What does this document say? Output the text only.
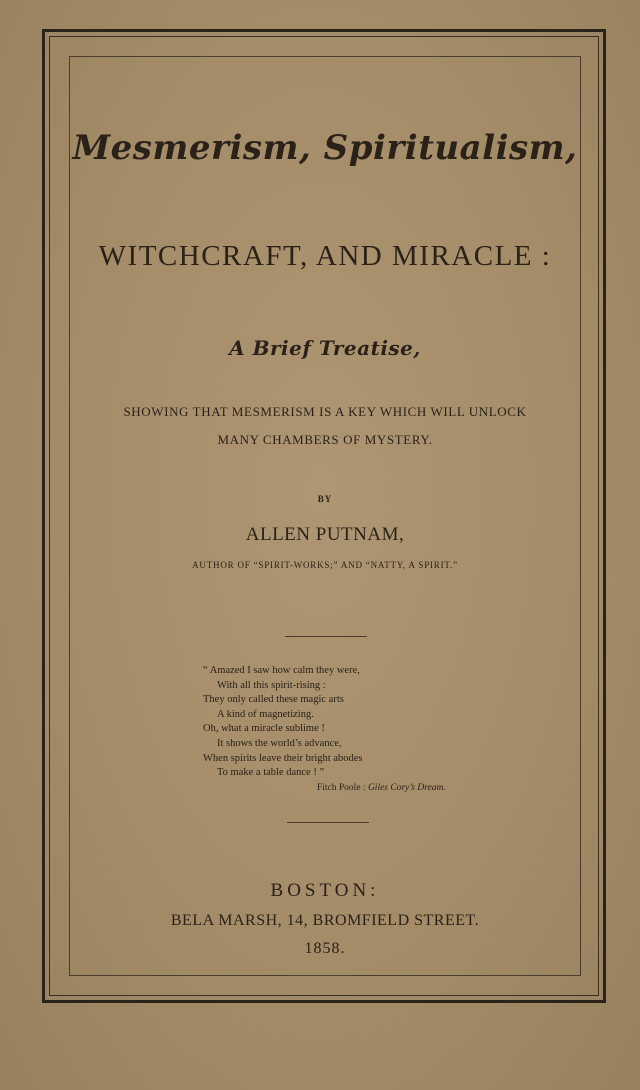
Mesmerism, Spiritualism,
WITCHCRAFT, AND MIRACLE :
A Brief Treatise,
SHOWING THAT MESMERISM IS A KEY WHICH WILL UNLOCK
MANY CHAMBERS OF MYSTERY.
BY
ALLEN PUTNAM,
AUTHOR OF “SPIRIT-WORKS;” AND “NATTY, A SPIRIT.”
“ Amazed I saw how calm they were,
With all this spirit-rising :
They only called these magic arts
A kind of magnetizing.
Oh, what a miracle sublime !
It shows the world’s advance,
When spirits leave their bright abodes
To make a table dance ! ”
Fitch Poole : Giles Cory’s Dream.
BOSTON:
BELA MARSH, 14, BROMFIELD STREET.
1858.
